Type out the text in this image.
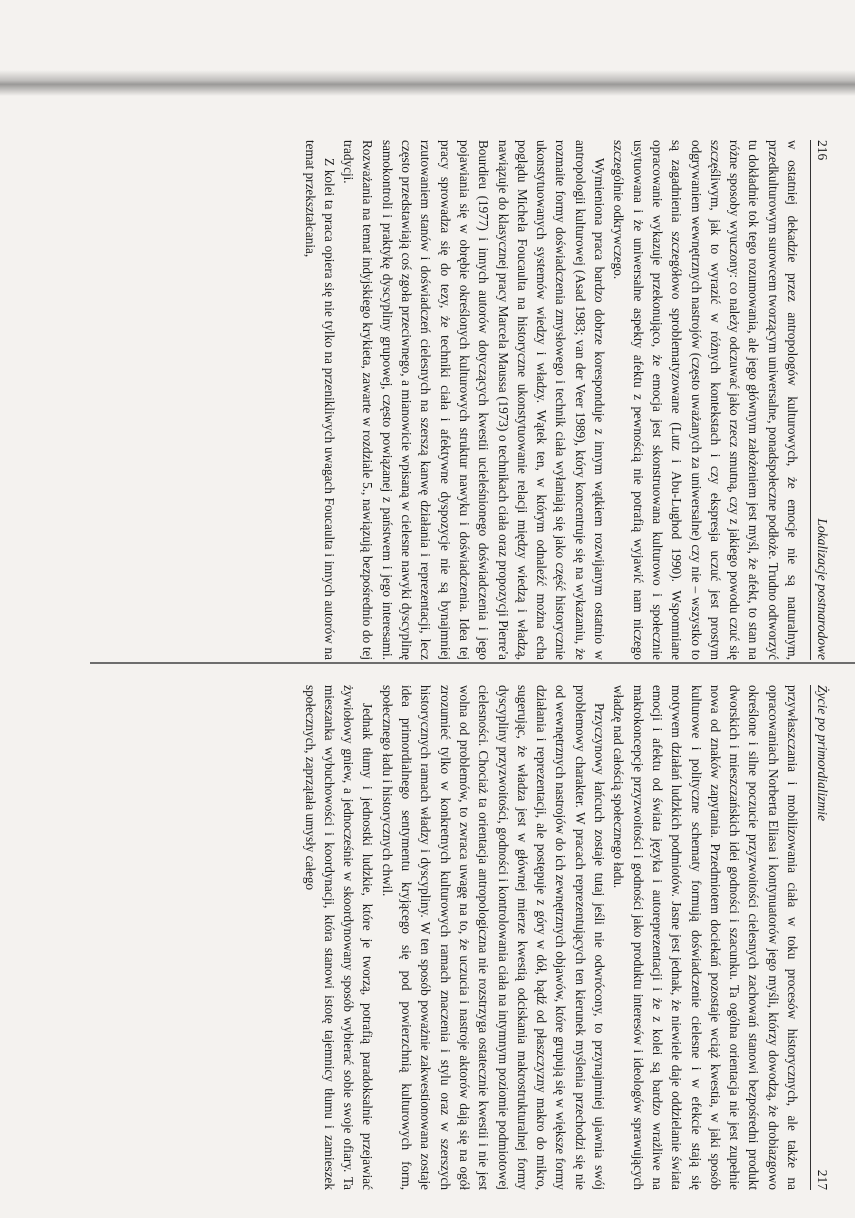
216
Lokalizacje postnarodowe

w ostatniej dekadzie przez antropologów kulturowych, że emocje nie są naturalnym, przedkulturowym surowcem tworzącym uniwersalne, ponadspołeczne podłoże. Trudno odtworzyć tu dokładnie tok tego rozumowania, ale jego głównym założeniem jest myśl, że afekt, to stan na różne sposoby wyuczony: co należy odczuwać jako rzecz smutną, czy z jakiego powodu czuć się szczęśliwym, jak to wyrazić w różnych kontekstach i czy ekspresja uczuć jest prostym odgrywaniem wewnętrznych nastrojów (często uważanych za uniwersalne) czy nie – wszystko to są zagadnienia szczegółowo sproblematyzowane (Lutz i Abu-Lughod 1990). Wspomniane opracowanie wykazuje przekonująco, że emocja jest skonstruowana kulturowo i społecznie usytuowana i że uniwersalne aspekty afektu z pewnością nie potrafią wyjawić nam niczego szczególnie odkrywczego.

Wymieniona praca bardzo dobrze koresponduje z innym wątkiem rozwijanym ostatnio w antropologii kulturowej (Asad 1983; van der Veer 1989), który koncentruje się na wykazaniu, że rozmaite formy doświadczenia zmysłowego i technik ciała wyłaniają się jako część historycznie ukonstytuowanych systemów wiedzy i władzy. Wątek ten, w którym odnaleźć można echa poglądu Michela Foucaulta na historyczne ukonstytuowanie relacji między wiedzą i władzą, nawiązuje do klasycznej pracy Marcela Maussa (1973) o technikach ciała oraz propozycji Pierre'a Bourdieu (1977) i innych autorów dotyczących kwestii ucieleśnionego doświadczenia i jego pojawiania się w obrębie określonych kulturowych struktur nawyku i doświadczenia. Idea tej pracy sprowadza się do tezy, że techniki ciała i afektywne dyspozycje nie są bynajmniej rzutowaniem stanów i doświadczeń cielesnych na szerszą kanwę działania i reprezentacji, lecz często przedstawiają coś zgoła przeciwnego, a mianowicie wpisaną w cielesne nawyki dyscyplinę samokontroli i praktykę dyscypliny grupowej, często powiązanej z państwem i jego interesami. Rozważania na temat indyjskiego krykieta, zawarte w rozdziale 5., nawiązują bezpośrednio do tej tradycji.

Z kolei ta praca opiera się nie tylko na przenikliwych uwagach Foucaulta i innych autorów na temat przekształcania,

Życie po primordializmie
217

przywłaszczania i mobilizowania ciała w toku procesów historycznych, ale także na opracowaniach Norberta Eliasa i kontynuatorów jego myśli, którzy dowodzą, że drobiazgowo określone i silne poczucie przyzwoitości cielesnych zachowań stanowi bezpośredni produkt dworskich i mieszczańskich idei godności i szacunku. Ta ogólna orientacja nie jest zupełnie nowa od znaków zapytania. Przedmiotem dociekań pozostaje wciąż kwestia, w jaki sposób kulturowe i polityczne schematy formują doświadczenie cielesne i w efekcie stają się motywem działań ludzkich podmiotów. Jasne jest jednak, że niewiele daje oddzielanie świata emocji i afektu od świata języka i autoreprezentacji i że z kolei są bardzo wrażliwe na makrokoncepcje przyzwoitości i godności jako produktu interesów i ideologów sprawujących władzę nad całością społecznego ładu.

Przyczynowy łańcuch zostaje tutaj jeśli nie odwrócony, to przynajmniej ujawnia swój problemowy charakter. W pracach reprezentujących ten kierunek myślenia przechodzi się nie od wewnętrznych nastrojów do ich zewnętrznych objawów, które grupują się w większe formy działania i reprezentacji, ale postępuje z góry w dół, bądź od płaszczyzny makro do mikro, sugerując, że władza jest w głównej mierze kwestią odciskania makrostrukturalnej formy dyscypliny przyzwoitości, godności i kontrolowania ciała na intymnym poziomie podmiotowej cielesności. Chociaż ta orientacja antropologiczna nie rozstrzyga ostatecznie kwestii i nie jest wolna od problemów, to zwraca uwagę na to, że uczucia i nastroje aktorów dają się na ogół zrozumieć tylko w konkretnych kulturowych ramach znaczenia i stylu oraz w szerszych historycznych ramach władzy i dyscypliny. W ten sposób poważnie zakwestionowana zostaje idea primordialnego sentymentu kryjącego się pod powierzchnią kulturowych form, społecznego ładu i historycznych chwil.

Jednak tłumy i jednostki ludzkie, które je tworzą, potrafią paradoksalnie przejawiać żywiołowy gniew, a jednocześnie w skoordynowany sposób wybierać sobie swoje ofiary. Ta mieszanka wybuchowości i koordynacji, która stanowi istotę tajemnicy tłumu i zamieszek społecznych, zaprzątała umysły całego
